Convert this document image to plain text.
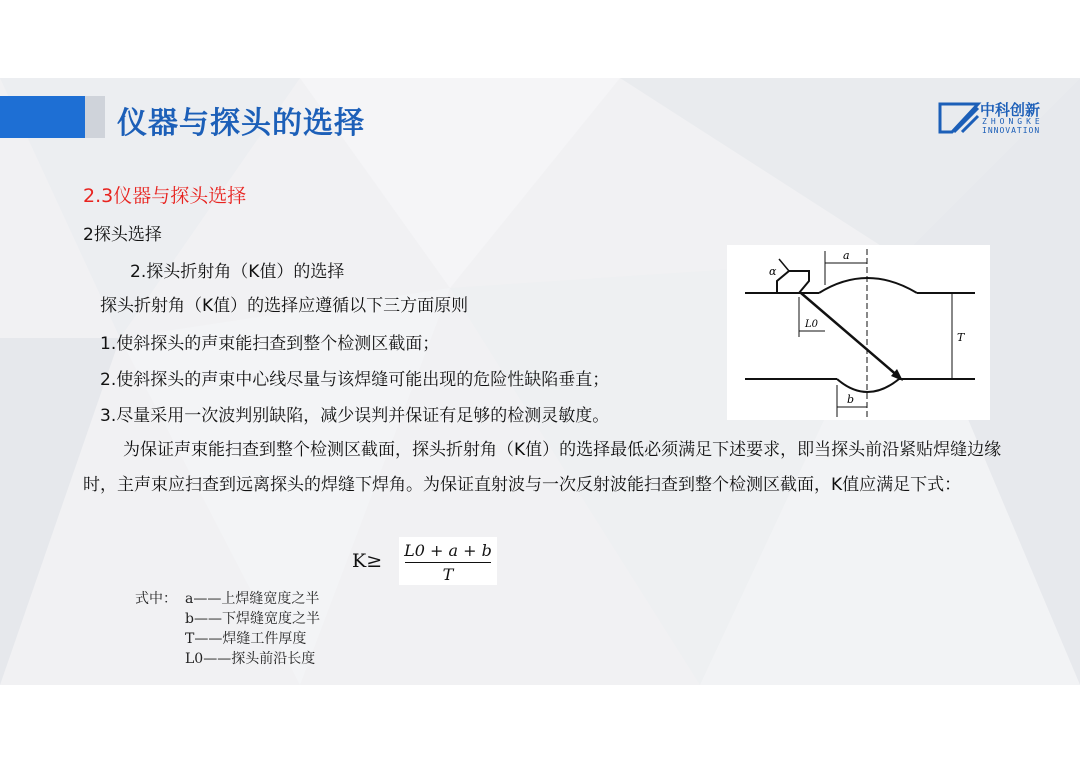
仪器与探头的选择	中科创新
ZHONGKE
INNOVATION
2.3仪器与探头选择
2探头选择
2.探头折射角（K值）的选择
探头折射角（K值）的选择应遵循以下三方面原则
1.使斜探头的声束能扫查到整个检测区截面；
2.使斜探头的声束中心线尽量与该焊缝可能出现的危险性缺陷垂直；
3.尽量采用一次波判别缺陷，减少误判并保证有足够的检测灵敏度。
为保证声束能扫查到整个检测区截面，探头折射角（K值）的选择最低必须满足下述要求，即当探头前沿紧贴焊缝边缘时，主声束应扫查到远离探头的焊缝下焊角。为保证直射波与一次反射波能扫查到整个检测区截面，K值应满足下式：
a
b
T
L0
α
K≥	L0 + a + b
T
式中： a——上焊缝宽度之半
b——下焊缝宽度之半
T——焊缝工件厚度
L0——探头前沿长度
